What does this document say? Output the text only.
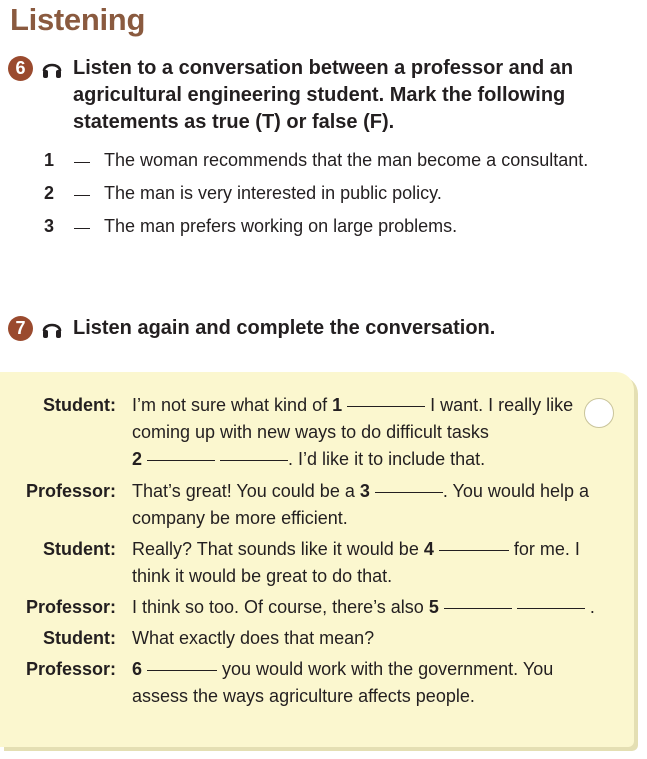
Listening
6	Listen to a conversation between a professor and an agricultural engineering student. Mark the following statements as true (T) or false (F).
1	The woman recommends that the man become a consultant.
2	The man is very interested in public policy.
3	The man prefers working on large problems.
7	Listen again and complete the conversation.
Student: I’m not sure what kind of 1	I want. I really like coming up with new ways to do difficult tasks
2	. I’d like it to include that.
Professor: That’s great! You could be a 3	. You would help a company be more efficient.
Student: Really? That sounds like it would be 4	for me. I think it would be great to do that.
Professor: I think so too. Of course, there’s also 5	.
Student: What exactly does that mean?
Professor: 6	you would work with the government. You assess the ways agriculture affects people.
